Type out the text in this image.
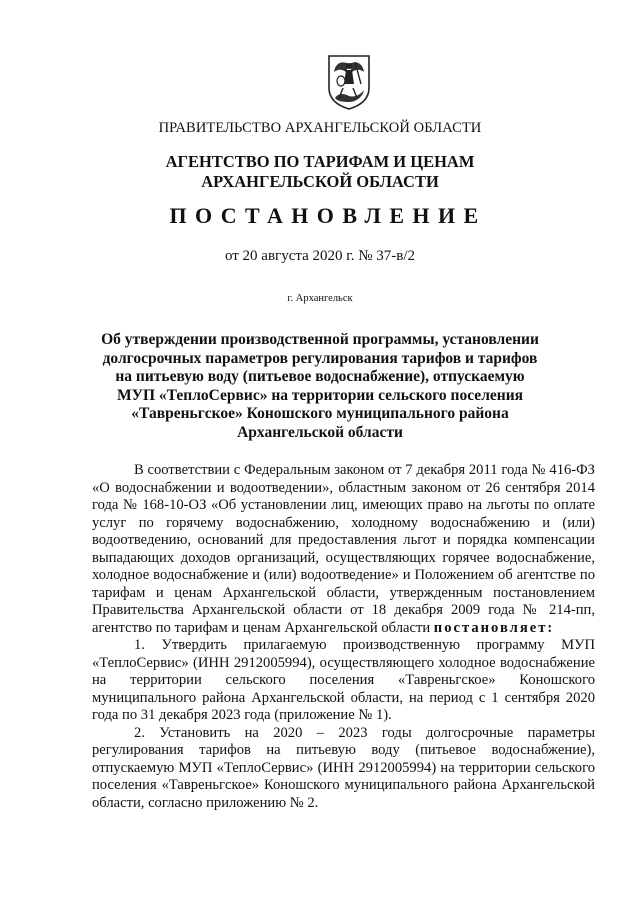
ПРАВИТЕЛЬСТВО АРХАНГЕЛЬСКОЙ ОБЛАСТИ

АГЕНТСТВО ПО ТАРИФАМ И ЦЕНАМ
АРХАНГЕЛЬСКОЙ ОБЛАСТИ

ПОСТАНОВЛЕНИЕ

от 20 августа 2020 г. № 37-в/2

г. Архангельск

Об утверждении производственной программы, установлении
долгосрочных параметров регулирования тарифов и тарифов
на питьевую воду (питьевое водоснабжение), отпускаемую
МУП «ТеплоСервис» на территории сельского поселения
«Тавреньгское» Коношского муниципального района
Архангельской области

В соответствии с Федеральным законом от 7 декабря 2011 года № 416-ФЗ «О водоснабжении и водоотведении», областным законом от 26 сентября 2014 года № 168-10-ОЗ «Об установлении лиц, имеющих право на льготы по оплате услуг по горячему водоснабжению, холодному водоснабжению и (или) водоотведению, оснований для предоставления льгот и порядка компенсации выпадающих доходов организаций, осуществляющих горячее водоснабжение, холодное водоснабжение и (или) водоотведение» и Положением об агентстве по тарифам и ценам Архангельской области, утвержденным постановлением Правительства Архангельской области от 18 декабря 2009 года № 214-пп, агентство по тарифам и ценам Архангельской области постановляет:

1. Утвердить прилагаемую производственную программу МУП «ТеплоСервис» (ИНН 2912005994), осуществляющего холодное водоснабжение на территории сельского поселения «Тавреньгское» Коношского муниципального района Архангельской области, на период с 1 сентября 2020 года по 31 декабря 2023 года (приложение № 1).

2. Установить на 2020 – 2023 годы долгосрочные параметры регулирования тарифов на питьевую воду (питьевое водоснабжение), отпускаемую МУП «ТеплоСервис» (ИНН 2912005994) на территории сельского поселения «Тавреньгское» Коношского муниципального района Архангельской области, согласно приложению № 2.
